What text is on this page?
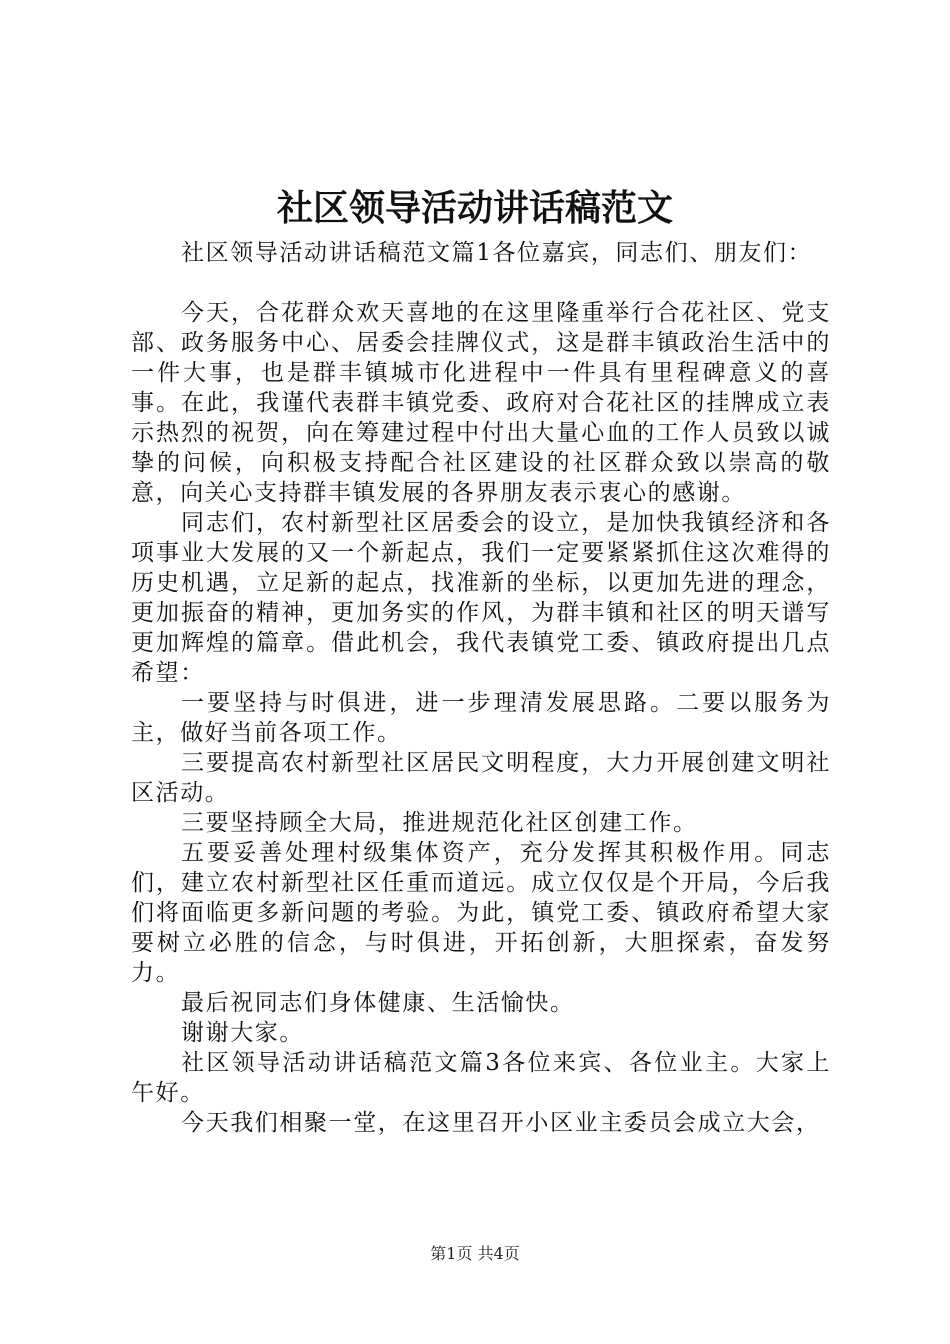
社区领导活动讲话稿范文

社区领导活动讲话稿范文篇1各位嘉宾，同志们、朋友们：

今天，合花群众欢天喜地的在这里隆重举行合花社区、党支部、政务服务中心、居委会挂牌仪式，这是群丰镇政治生活中的一件大事，也是群丰镇城市化进程中一件具有里程碑意义的喜事。在此，我谨代表群丰镇党委、政府对合花社区的挂牌成立表示热烈的祝贺，向在筹建过程中付出大量心血的工作人员致以诚挚的问候，向积极支持配合社区建设的社区群众致以崇高的敬意，向关心支持群丰镇发展的各界朋友表示衷心的感谢。

同志们，农村新型社区居委会的设立，是加快我镇经济和各项事业大发展的又一个新起点，我们一定要紧紧抓住这次难得的历史机遇，立足新的起点，找准新的坐标，以更加先进的理念，更加振奋的精神，更加务实的作风，为群丰镇和社区的明天谱写更加辉煌的篇章。借此机会，我代表镇党工委、镇政府提出几点希望：

一要坚持与时俱进，进一步理清发展思路。二要以服务为主，做好当前各项工作。

三要提高农村新型社区居民文明程度，大力开展创建文明社区活动。

三要坚持顾全大局，推进规范化社区创建工作。

五要妥善处理村级集体资产，充分发挥其积极作用。同志们，建立农村新型社区任重而道远。成立仅仅是个开局，今后我们将面临更多新问题的考验。为此，镇党工委、镇政府希望大家要树立必胜的信念，与时俱进，开拓创新，大胆探索，奋发努力。

最后祝同志们身体健康、生活愉快。

谢谢大家。

社区领导活动讲话稿范文篇3各位来宾、各位业主。大家上午好。

今天我们相聚一堂，在这里召开小区业主委员会成立大会，

第1页 共4页
